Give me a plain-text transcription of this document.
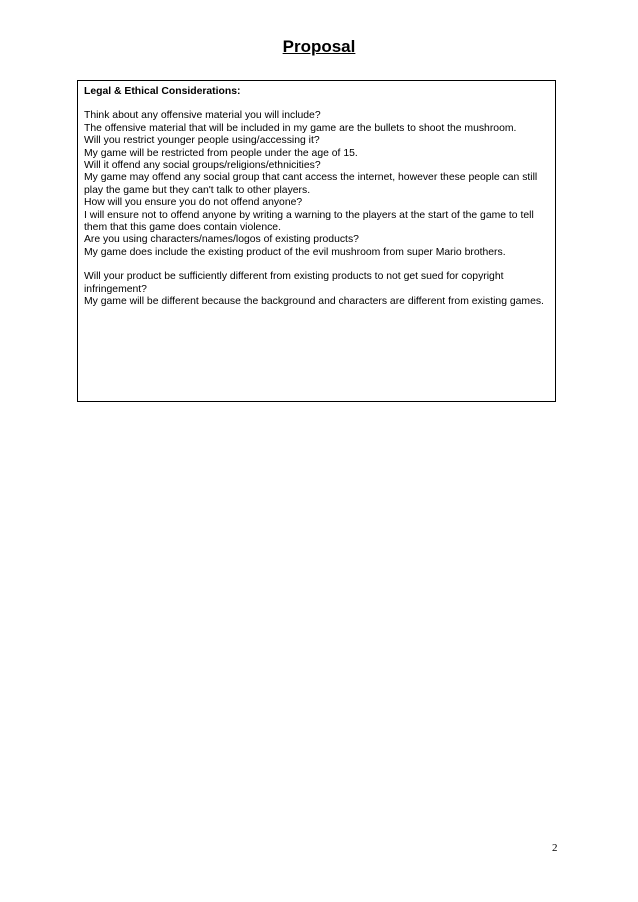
Proposal
Legal & Ethical Considerations:

Think about any offensive material you will include?

The offensive material that will be included in my game are the bullets to shoot the mushroom.

Will you restrict younger people using/accessing it?

My game will be restricted from people under the age of 15.

Will it offend any social groups/religions/ethnicities?

My game may offend any social group that cant access the internet, however these people can still play the game but they can't talk to other players.

How will you ensure you do not offend anyone?

I will ensure not to offend anyone by writing a warning to the players at the start of the game to tell them that this game does contain violence.

Are you using characters/names/logos of existing products?

My game does include the existing product of the evil mushroom from super Mario brothers.

Will your product be sufficiently different from existing products to not get sued for copyright infringement?

My game will be different because the background and characters are different from existing games.

2
